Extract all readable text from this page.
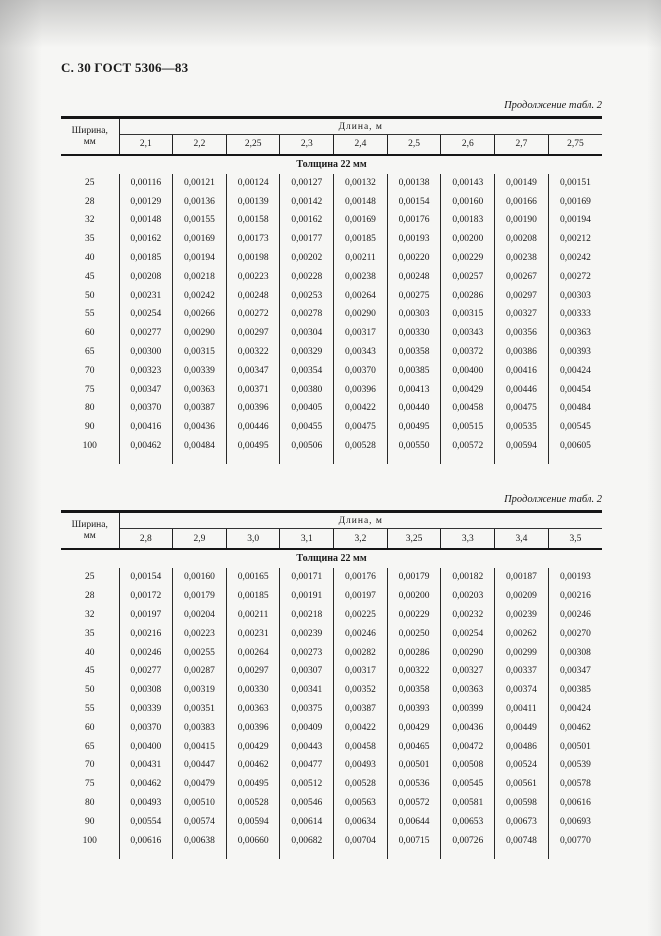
С. 30 ГОСТ 5306—83
Продолжение табл. 2
Ширина,
мм	Длина, м								
	2,1	2,2	2,25	2,3	2,4	2,5	2,6	2,7	2,75
Толщина 22 мм									
25	0,00116	0,00121	0,00124	0,00127	0,00132	0,00138	0,00143	0,00149	0,00151
28	0,00129	0,00136	0,00139	0,00142	0,00148	0,00154	0,00160	0,00166	0,00169
32	0,00148	0,00155	0,00158	0,00162	0,00169	0,00176	0,00183	0,00190	0,00194
35	0,00162	0,00169	0,00173	0,00177	0,00185	0,00193	0,00200	0,00208	0,00212
40	0,00185	0,00194	0,00198	0,00202	0,00211	0,00220	0,00229	0,00238	0,00242
45	0,00208	0,00218	0,00223	0,00228	0,00238	0,00248	0,00257	0,00267	0,00272
50	0,00231	0,00242	0,00248	0,00253	0,00264	0,00275	0,00286	0,00297	0,00303
55	0,00254	0,00266	0,00272	0,00278	0,00290	0,00303	0,00315	0,00327	0,00333
60	0,00277	0,00290	0,00297	0,00304	0,00317	0,00330	0,00343	0,00356	0,00363
65	0,00300	0,00315	0,00322	0,00329	0,00343	0,00358	0,00372	0,00386	0,00393
70	0,00323	0,00339	0,00347	0,00354	0,00370	0,00385	0,00400	0,00416	0,00424
75	0,00347	0,00363	0,00371	0,00380	0,00396	0,00413	0,00429	0,00446	0,00454
80	0,00370	0,00387	0,00396	0,00405	0,00422	0,00440	0,00458	0,00475	0,00484
90	0,00416	0,00436	0,00446	0,00455	0,00475	0,00495	0,00515	0,00535	0,00545
100	0,00462	0,00484	0,00495	0,00506	0,00528	0,00550	0,00572	0,00594	0,00605

Продолжение табл. 2
Ширина,
мм	Длина, м								
	2,8	2,9	3,0	3,1	3,2	3,25	3,3	3,4	3,5
Толщина 22 мм									
25	0,00154	0,00160	0,00165	0,00171	0,00176	0,00179	0,00182	0,00187	0,00193
28	0,00172	0,00179	0,00185	0,00191	0,00197	0,00200	0,00203	0,00209	0,00216
32	0,00197	0,00204	0,00211	0,00218	0,00225	0,00229	0,00232	0,00239	0,00246
35	0,00216	0,00223	0,00231	0,00239	0,00246	0,00250	0,00254	0,00262	0,00270
40	0,00246	0,00255	0,00264	0,00273	0,00282	0,00286	0,00290	0,00299	0,00308
45	0,00277	0,00287	0,00297	0,00307	0,00317	0,00322	0,00327	0,00337	0,00347
50	0,00308	0,00319	0,00330	0,00341	0,00352	0,00358	0,00363	0,00374	0,00385
55	0,00339	0,00351	0,00363	0,00375	0,00387	0,00393	0,00399	0,00411	0,00424
60	0,00370	0,00383	0,00396	0,00409	0,00422	0,00429	0,00436	0,00449	0,00462
65	0,00400	0,00415	0,00429	0,00443	0,00458	0,00465	0,00472	0,00486	0,00501
70	0,00431	0,00447	0,00462	0,00477	0,00493	0,00501	0,00508	0,00524	0,00539
75	0,00462	0,00479	0,00495	0,00512	0,00528	0,00536	0,00545	0,00561	0,00578
80	0,00493	0,00510	0,00528	0,00546	0,00563	0,00572	0,00581	0,00598	0,00616
90	0,00554	0,00574	0,00594	0,00614	0,00634	0,00644	0,00653	0,00673	0,00693
100	0,00616	0,00638	0,00660	0,00682	0,00704	0,00715	0,00726	0,00748	0,00770
